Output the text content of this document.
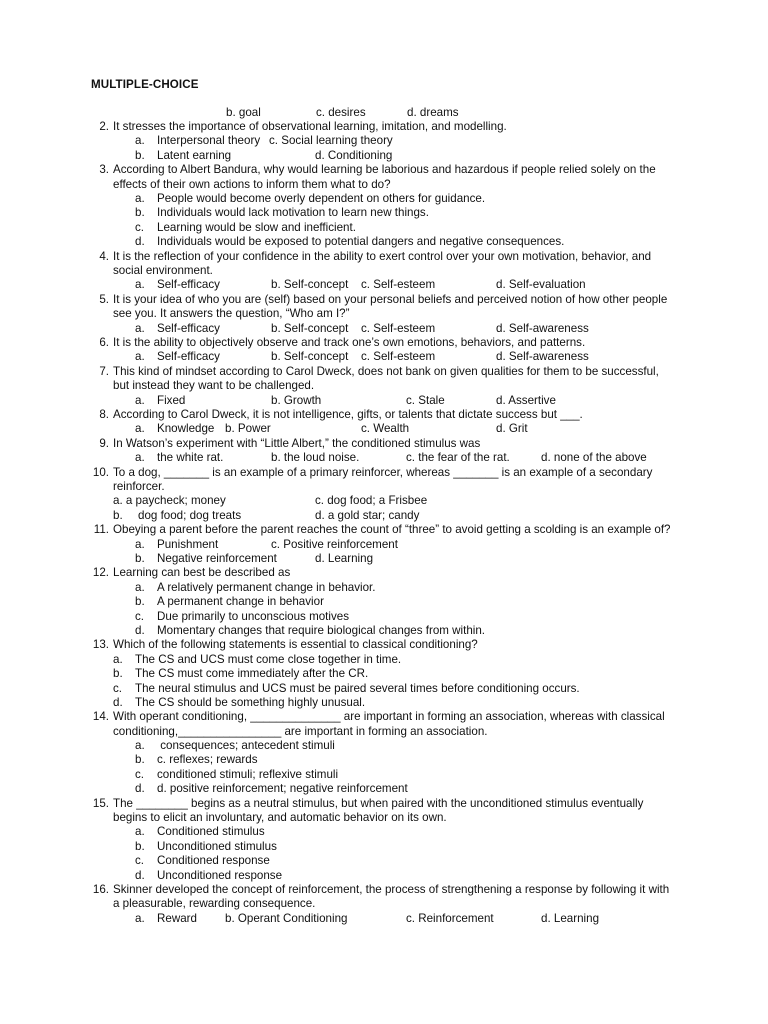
MULTIPLE-CHOICE
b. goal	c. desires	d. dreams
2. It stresses the importance of observational learning, imitation, and modelling.
a. Interpersonal theory c. Social learning theory
b. Latent earning	d. Conditioning
3. According to Albert Bandura, why would learning be laborious and hazardous if people relied solely on the effects of their own actions to inform them what to do?
a. People would become overly dependent on others for guidance.
b. Individuals would lack motivation to learn new things.
c. Learning would be slow and inefficient.
d. Individuals would be exposed to potential dangers and negative consequences.
4. It is the reflection of your confidence in the ability to exert control over your own motivation, behavior, and social environment.
a. Self-efficacy	b. Self-concept c. Self-esteem	d. Self-evaluation
5. It is your idea of who you are (self) based on your personal beliefs and perceived notion of how other people see you. It answers the question, “Who am I?”
a. Self-efficacy	b. Self-concept c. Self-esteem	d. Self-awareness
6. It is the ability to objectively observe and track one’s own emotions, behaviors, and patterns.
a. Self-efficacy	b. Self-concept c. Self-esteem	d. Self-awareness
7. This kind of mindset according to Carol Dweck, does not bank on given qualities for them to be successful, but instead they want to be challenged.
a. Fixed	b. Growth	c. Stale	d. Assertive
8. According to Carol Dweck, it is not intelligence, gifts, or talents that dictate success but ___.
a. Knowledge b. Power	c. Wealth	d. Grit
9. In Watson’s experiment with “Little Albert,” the conditioned stimulus was
a. the white rat.	b. the loud noise.	c. the fear of the rat.	d. none of the above
10. To a dog, _______ is an example of a primary reinforcer, whereas _______ is an example of a secondary reinforcer.
a. a paycheck; money	c. dog food; a Frisbee
b. dog food; dog treats	d. a gold star; candy
11. Obeying a parent before the parent reaches the count of “three” to avoid getting a scolding is an example of?
a. Punishment	c. Positive reinforcement
b. Negative reinforcement	d. Learning
12. Learning can best be described as
a. A relatively permanent change in behavior.
b. A permanent change in behavior
c. Due primarily to unconscious motives
d. Momentary changes that require biological changes from within.
13. Which of the following statements is essential to classical conditioning?
a. The CS and UCS must come close together in time.
b. The CS must come immediately after the CR.
c. The neural stimulus and UCS must be paired several times before conditioning occurs.
d. The CS should be something highly unusual.
14. With operant conditioning, ______________ are important in forming an association, whereas with classical conditioning,________________ are important in forming an association.
a. consequences; antecedent stimuli
b. c. reflexes; rewards
c. conditioned stimuli; reflexive stimuli
d. d. positive reinforcement; negative reinforcement
15. The ________ begins as a neutral stimulus, but when paired with the unconditioned stimulus eventually begins to elicit an involuntary, and automatic behavior on its own.
a. Conditioned stimulus
b. Unconditioned stimulus
c. Conditioned response
d. Unconditioned response
16. Skinner developed the concept of reinforcement, the process of strengthening a response by following it with a pleasurable, rewarding consequence.
a. Reward b. Operant Conditioning	c. Reinforcement	d. Learning
